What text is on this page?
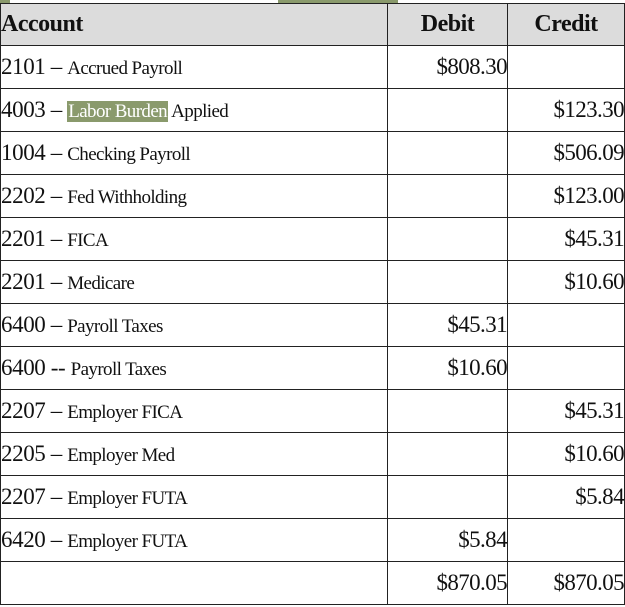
Account	Debit	Credit
2101 – Accrued Payroll	$808.30	
4003 – Labor Burden Applied		$123.30
1004 – Checking Payroll		$506.09
2202 – Fed Withholding		$123.00
2201 – FICA		$45.31
2201 – Medicare		$10.60
6400 – Payroll Taxes	$45.31	
6400 -- Payroll Taxes	$10.60	
2207 – Employer FICA		$45.31
2205 – Employer Med		$10.60
2207 – Employer FUTA		$5.84
6420 – Employer FUTA	$5.84	
	$870.05	$870.05
